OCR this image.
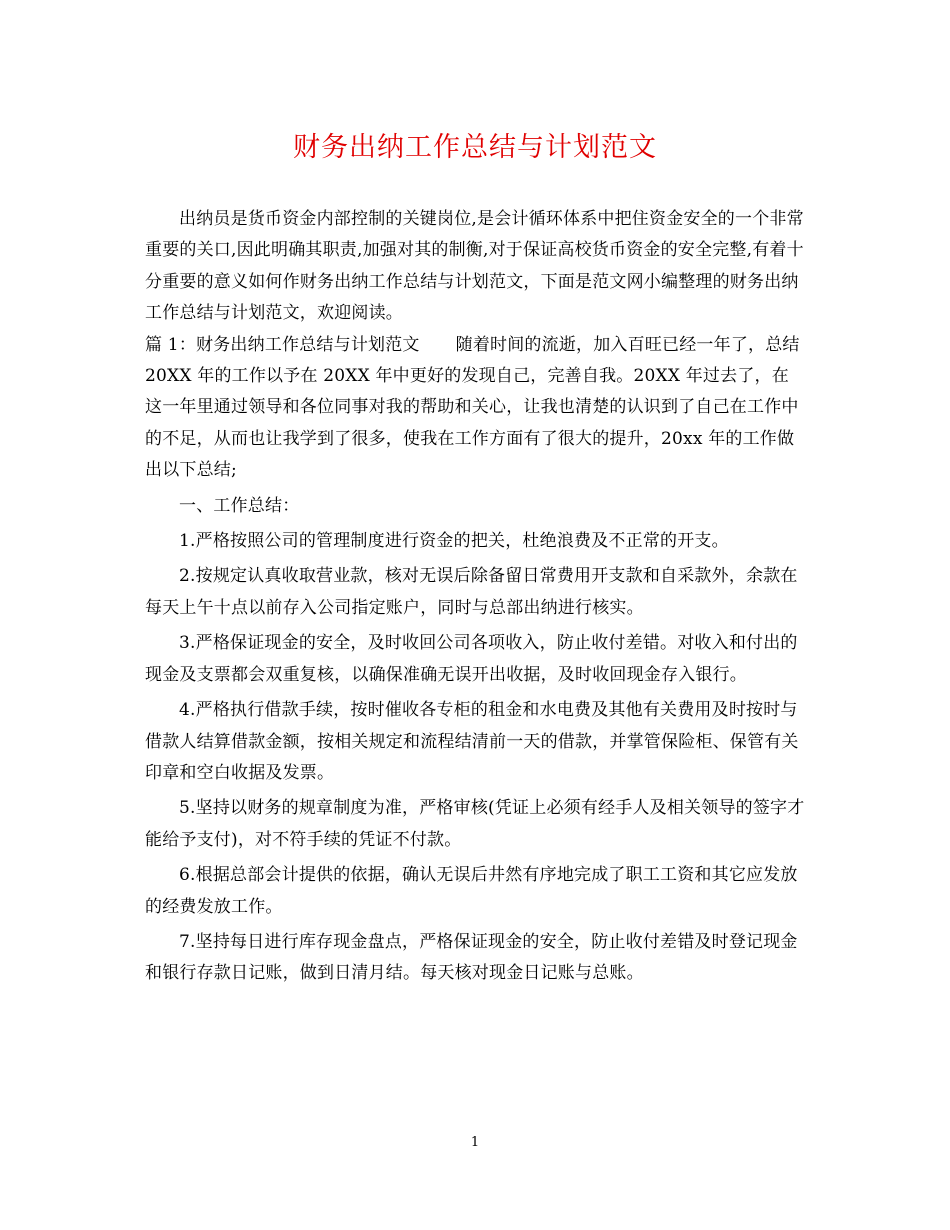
财务出纳工作总结与计划范文

出纳员是货币资金内部控制的关键岗位,是会计循环体系中把住资金安全的一个非常重要的关口,因此明确其职责,加强对其的制衡,对于保证高校货币资金的安全完整,有着十分重要的意义如何作财务出纳工作总结与计划范文，下面是范文网小编整理的财务出纳工作总结与计划范文，欢迎阅读。

篇 1：财务出纳工作总结与计划范文 随着时间的流逝，加入百旺已经一年了，总结 20XX 年的工作以予在 20XX 年中更好的发现自己，完善自我。20XX 年过去了，在这一年里通过领导和各位同事对我的帮助和关心，让我也清楚的认识到了自己在工作中的不足，从而也让我学到了很多，使我在工作方面有了很大的提升，20xx 年的工作做出以下总结;

一、工作总结：

1.严格按照公司的管理制度进行资金的把关，杜绝浪费及不正常的开支。

2.按规定认真收取营业款，核对无误后除备留日常费用开支款和自采款外，余款在每天上午十点以前存入公司指定账户，同时与总部出纳进行核实。

3.严格保证现金的安全，及时收回公司各项收入，防止收付差错。对收入和付出的现金及支票都会双重复核，以确保准确无误开出收据，及时收回现金存入银行。

4.严格执行借款手续，按时催收各专柜的租金和水电费及其他有关费用及时按时与借款人结算借款金额，按相关规定和流程结清前一天的借款，并掌管保险柜、保管有关印章和空白收据及发票。

5.坚持以财务的规章制度为准，严格审核(凭证上必须有经手人及相关领导的签字才能给予支付)，对不符手续的凭证不付款。

6.根据总部会计提供的依据，确认无误后井然有序地完成了职工工资和其它应发放的经费发放工作。

7.坚持每日进行库存现金盘点，严格保证现金的安全，防止收付差错及时登记现金和银行存款日记账，做到日清月结。每天核对现金日记账与总账。

1
